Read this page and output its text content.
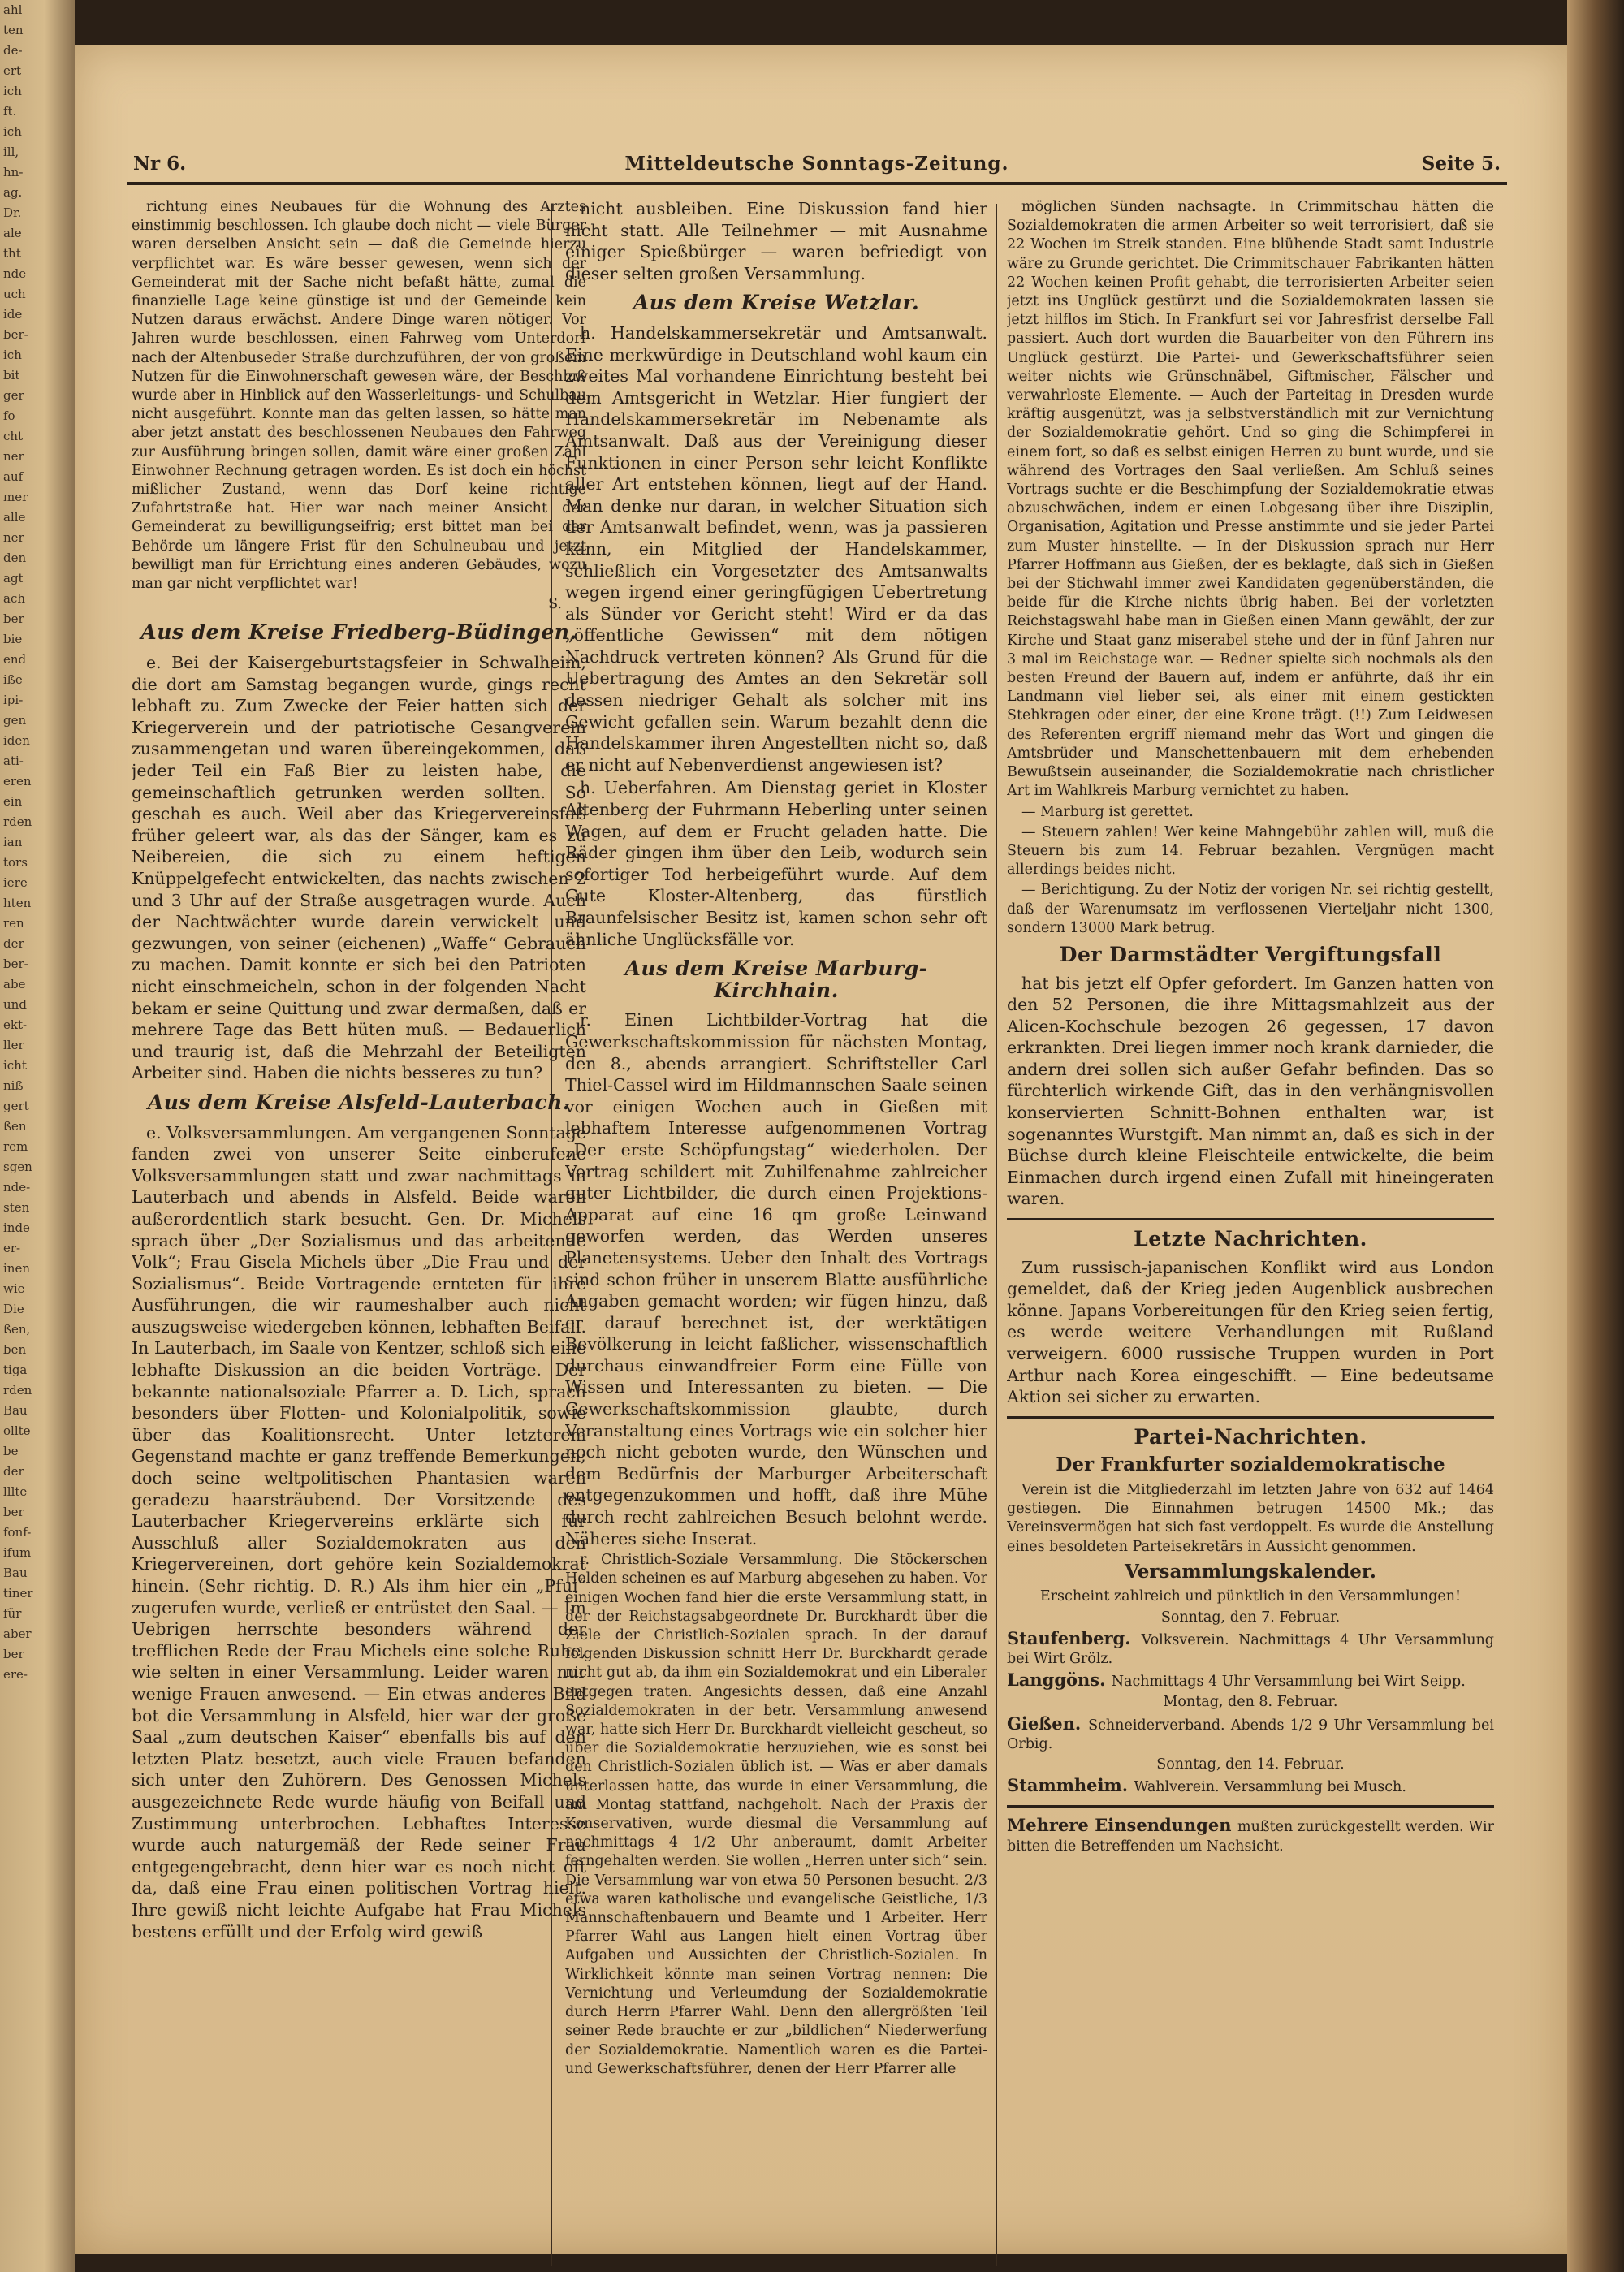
ahl
ten
de-
ert
ich
ft.
ich
ill,
hn-
ag.
Dr.
ale
tht
nde
uch
ide
ber-
ich
bit
ger
fo
cht
ner
auf
mer
alle
ner
den
agt
ach
ber
bie
end
iße
ipi-
gen
iden
ati-
eren
ein
rden
ian
tors
iere
hten
ren
der
ber-
abe
und
ekt-
ller
icht
niß
gert
ßen
rem
sgen
nde-
sten
inde
er-
inen
wie
Die
ßen,
ben
tiga
rden
Bau
ollte
be
der
lllte
ber
fonf-
ifum
Bau
tiner
für
aber
ber
ere-
Nr 6.	Mitteldeutsche Sonntags-Zeitung.	Seite 5.

richtung eines Neubaues für die Wohnung des Arztes einstimmig beschlossen. Ich glaube doch nicht — viele Bürger waren derselben Ansicht sein — daß die Gemeinde hierzu verpflichtet war. Es wäre besser gewesen, wenn sich der Gemeinderat mit der Sache nicht befaßt hätte, zumal die finanzielle Lage keine günstige ist und der Gemeinde kein Nutzen daraus erwächst. Andere Dinge waren nötiger. Vor Jahren wurde beschlossen, einen Fahrweg vom Unterdorf nach der Altenbuseder Straße durchzuführen, der von großem Nutzen für die Einwohnerschaft gewesen wäre, der Beschluß wurde aber in Hinblick auf den Wasserleitungs- und Schulbau nicht ausgeführt. Konnte man das gelten lassen, so hätte man aber jetzt anstatt des beschlossenen Neubaues den Fahrweg zur Ausführung bringen sollen, damit wäre einer großen Zahl Einwohner Rechnung getragen worden. Es ist doch ein höchst mißlicher Zustand, wenn das Dorf keine richtige Zufahrtstraße hat. Hier war nach meiner Ansicht der Gemeinderat zu bewilligungseifrig; erst bittet man bei der Behörde um längere Frist für den Schulneubau und jetzt bewilligt man für Errichtung eines anderen Gebäudes, wozu man gar nicht verpflichtet war!

S.

Aus dem Kreise Friedberg-Büdingen.

e. Bei der Kaisergeburtstagsfeier in Schwalheim, die dort am Samstag begangen wurde, gings recht lebhaft zu. Zum Zwecke der Feier hatten sich der Kriegerverein und der patriotische Gesangverein zusammengetan und waren übereingekommen, daß jeder Teil ein Faß Bier zu leisten habe, die gemeinschaftlich getrunken werden sollten. So geschah es auch. Weil aber das Kriegervereinsfaß früher geleert war, als das der Sänger, kam es zu Neibereien, die sich zu einem heftigen Knüppelgefecht entwickelten, das nachts zwischen 2 und 3 Uhr auf der Straße ausgetragen wurde. Auch der Nachtwächter wurde darein verwickelt und gezwungen, von seiner (eichenen) „Waffe“ Gebrauch zu machen. Damit konnte er sich bei den Patrioten nicht einschmeicheln, schon in der folgenden Nacht bekam er seine Quittung und zwar dermaßen, daß er mehrere Tage das Bett hüten muß. — Bedauerlich und traurig ist, daß die Mehrzahl der Beteiligten Arbeiter sind. Haben die nichts besseres zu tun?

Aus dem Kreise Alsfeld-Lauterbach.

e. Volksversammlungen. Am vergangenen Sonntage fanden zwei von unserer Seite einberufene Volksversammlungen statt und zwar nachmittags in Lauterbach und abends in Alsfeld. Beide waren außerordentlich stark besucht. Gen. Dr. Michels sprach über „Der Sozialismus und das arbeitende Volk“; Frau Gisela Michels über „Die Frau und der Sozialismus“. Beide Vortragende ernteten für ihre Ausführungen, die wir raumeshalber auch nicht auszugsweise wiedergeben können, lebhaften Beifall. In Lauterbach, im Saale von Kentzer, schloß sich eine lebhafte Diskussion an die beiden Vorträge. Der bekannte nationalsoziale Pfarrer a. D. Lich, sprach besonders über Flotten- und Kolonialpolitik, sowie über das Koalitionsrecht. Unter letzterem Gegenstand machte er ganz treffende Bemerkungen; doch seine weltpolitischen Phantasien waren geradezu haarsträubend. Der Vorsitzende des Lauterbacher Kriegervereins erklärte sich für Ausschluß aller Sozialdemokraten aus den Kriegervereinen, dort gehöre kein Sozialdemokrat hinein. (Sehr richtig. D. R.) Als ihm hier ein „Pfui“ zugerufen wurde, verließ er entrüstet den Saal. — Im Uebrigen herrschte besonders während der trefflichen Rede der Frau Michels eine solche Ruhe, wie selten in einer Versammlung. Leider waren nur wenige Frauen anwesend. — Ein etwas anderes Bild bot die Versammlung in Alsfeld, hier war der große Saal „zum deutschen Kaiser“ ebenfalls bis auf den letzten Platz besetzt, auch viele Frauen befanden sich unter den Zuhörern. Des Genossen Michels ausgezeichnete Rede wurde häufig von Beifall und Zustimmung unterbrochen. Lebhaftes Interesse wurde auch naturgemäß der Rede seiner Frau entgegengebracht, denn hier war es noch nicht oft da, daß eine Frau einen politischen Vortrag hielt. Ihre gewiß nicht leichte Aufgabe hat Frau Michels bestens erfüllt und der Erfolg wird gewiß

nicht ausbleiben. Eine Diskussion fand hier nicht statt. Alle Teilnehmer — mit Ausnahme einiger Spießbürger — waren befriedigt von dieser selten großen Versammlung.

Aus dem Kreise Wetzlar.

h. Handelskammersekretär und Amtsanwalt. Eine merkwürdige in Deutschland wohl kaum ein zweites Mal vorhandene Einrichtung besteht bei dem Amtsgericht in Wetzlar. Hier fungiert der Handelskammersekretär im Nebenamte als Amtsanwalt. Daß aus der Vereinigung dieser Funktionen in einer Person sehr leicht Konflikte aller Art entstehen können, liegt auf der Hand. Man denke nur daran, in welcher Situation sich der Amtsanwalt befindet, wenn, was ja passieren kann, ein Mitglied der Handelskammer, schließlich ein Vorgesetzter des Amtsanwalts wegen irgend einer geringfügigen Uebertretung als Sünder vor Gericht steht! Wird er da das „öffentliche Gewissen“ mit dem nötigen Nachdruck vertreten können? Als Grund für die Uebertragung des Amtes an den Sekretär soll dessen niedriger Gehalt als solcher mit ins Gewicht gefallen sein. Warum bezahlt denn die Handelskammer ihren Angestellten nicht so, daß er nicht auf Nebenverdienst angewiesen ist?

h. Ueberfahren. Am Dienstag geriet in Kloster Altenberg der Fuhrmann Heberling unter seinen Wagen, auf dem er Frucht geladen hatte. Die Räder gingen ihm über den Leib, wodurch sein sofortiger Tod herbeigeführt wurde. Auf dem Gute Kloster-Altenberg, das fürstlich Braunfelsischer Besitz ist, kamen schon sehr oft ähnliche Unglücksfälle vor.

Aus dem Kreise Marburg-Kirchhain.

r. Einen Lichtbilder-Vortrag hat die Gewerkschaftskommission für nächsten Montag, den 8., abends arrangiert. Schriftsteller Carl Thiel-Cassel wird im Hildmannschen Saale seinen vor einigen Wochen auch in Gießen mit lebhaftem Interesse aufgenommenen Vortrag „Der erste Schöpfungstag“ wiederholen. Der Vortrag schildert mit Zuhilfenahme zahlreicher guter Lichtbilder, die durch einen Projektions-Apparat auf eine 16 qm große Leinwand geworfen werden, das Werden unseres Planetensystems. Ueber den Inhalt des Vortrags sind schon früher in unserem Blatte ausführliche Angaben gemacht worden; wir fügen hinzu, daß er darauf berechnet ist, der werktätigen Bevölkerung in leicht faßlicher, wissenschaftlich durchaus einwandfreier Form eine Fülle von Wissen und Interessanten zu bieten. — Die Gewerkschaftskommission glaubte, durch Veranstaltung eines Vortrags wie ein solcher hier noch nicht geboten wurde, den Wünschen und dem Bedürfnis der Marburger Arbeiterschaft entgegenzukommen und hofft, daß ihre Mühe durch recht zahlreichen Besuch belohnt werde. Näheres siehe Inserat.

r. Christlich-Soziale Versammlung. Die Stöckerschen Helden scheinen es auf Marburg abgesehen zu haben. Vor einigen Wochen fand hier die erste Versammlung statt, in der der Reichstagsabgeordnete Dr. Burckhardt über die Ziele der Christlich-Sozialen sprach. In der darauf folgenden Diskussion schnitt Herr Dr. Burckhardt gerade nicht gut ab, da ihm ein Sozialdemokrat und ein Liberaler entgegen traten. Angesichts dessen, daß eine Anzahl Sozialdemokraten in der betr. Versammlung anwesend war, hatte sich Herr Dr. Burckhardt vielleicht gescheut, so über die Sozialdemokratie herzuziehen, wie es sonst bei den Christlich-Sozialen üblich ist. — Was er aber damals unterlassen hatte, das wurde in einer Versammlung, die am Montag stattfand, nachgeholt. Nach der Praxis der Konservativen, wurde diesmal die Versammlung auf nachmittags 4 1/2 Uhr anberaumt, damit Arbeiter ferngehalten werden. Sie wollen „Herren unter sich“ sein. Die Versammlung war von etwa 50 Personen besucht. 2/3 etwa waren katholische und evangelische Geistliche, 1/3 Mannschaftenbauern und Beamte und 1 Arbeiter. Herr Pfarrer Wahl aus Langen hielt einen Vortrag über Aufgaben und Aussichten der Christlich-Sozialen. In Wirklichkeit könnte man seinen Vortrag nennen: Die Vernichtung und Verleumdung der Sozialdemokratie durch Herrn Pfarrer Wahl. Denn den allergrößten Teil seiner Rede brauchte er zur „bildlichen“ Niederwerfung der Sozialdemokratie. Namentlich waren es die Partei- und Gewerkschaftsführer, denen der Herr Pfarrer alle

möglichen Sünden nachsagte. In Crimmitschau hätten die Sozialdemokraten die armen Arbeiter so weit terrorisiert, daß sie 22 Wochen im Streik standen. Eine blühende Stadt samt Industrie wäre zu Grunde gerichtet. Die Crimmitschauer Fabrikanten hätten 22 Wochen keinen Profit gehabt, die terrorisierten Arbeiter seien jetzt ins Unglück gestürzt und die Sozialdemokraten lassen sie jetzt hilflos im Stich. In Frankfurt sei vor Jahresfrist derselbe Fall passiert. Auch dort wurden die Bauarbeiter von den Führern ins Unglück gestürzt. Die Partei- und Gewerkschaftsführer seien weiter nichts wie Grünschnäbel, Giftmischer, Fälscher und verwahrloste Elemente. — Auch der Parteitag in Dresden wurde kräftig ausgenützt, was ja selbstverständlich mit zur Vernichtung der Sozialdemokratie gehört. Und so ging die Schimpferei in einem fort, so daß es selbst einigen Herren zu bunt wurde, und sie während des Vortrages den Saal verließen. Am Schluß seines Vortrags suchte er die Beschimpfung der Sozialdemokratie etwas abzuschwächen, indem er einen Lobgesang über ihre Disziplin, Organisation, Agitation und Presse anstimmte und sie jeder Partei zum Muster hinstellte. — In der Diskussion sprach nur Herr Pfarrer Hoffmann aus Gießen, der es beklagte, daß sich in Gießen bei der Stichwahl immer zwei Kandidaten gegenüberständen, die beide für die Kirche nichts übrig haben. Bei der vorletzten Reichstagswahl habe man in Gießen einen Mann gewählt, der zur Kirche und Staat ganz miserabel stehe und der in fünf Jahren nur 3 mal im Reichstage war. — Redner spielte sich nochmals als den besten Freund der Bauern auf, indem er anführte, daß ihr ein Landmann viel lieber sei, als einer mit einem gestickten Stehkragen oder einer, der eine Krone trägt. (!!) Zum Leidwesen des Referenten ergriff niemand mehr das Wort und gingen die Amtsbrüder und Manschettenbauern mit dem erhebenden Bewußtsein auseinander, die Sozialdemokratie nach christlicher Art im Wahlkreis Marburg vernichtet zu haben.

— Marburg ist gerettet.

— Steuern zahlen! Wer keine Mahngebühr zahlen will, muß die Steuern bis zum 14. Februar bezahlen. Vergnügen macht allerdings beides nicht.

— Berichtigung. Zu der Notiz der vorigen Nr. sei richtig gestellt, daß der Warenumsatz im verflossenen Vierteljahr nicht 1300, sondern 13000 Mark betrug.

Der Darmstädter Vergiftungsfall

hat bis jetzt elf Opfer gefordert. Im Ganzen hatten von den 52 Personen, die ihre Mittagsmahlzeit aus der Alicen-Kochschule bezogen 26 gegessen, 17 davon erkrankten. Drei liegen immer noch krank darnieder, die andern drei sollen sich außer Gefahr befinden. Das so fürchterlich wirkende Gift, das in den verhängnisvollen konservierten Schnitt-Bohnen enthalten war, ist sogenanntes Wurstgift. Man nimmt an, daß es sich in der Büchse durch kleine Fleischteile entwickelte, die beim Einmachen durch irgend einen Zufall mit hineingeraten waren.

Letzte Nachrichten.

Zum russisch-japanischen Konflikt wird aus London gemeldet, daß der Krieg jeden Augenblick ausbrechen könne. Japans Vorbereitungen für den Krieg seien fertig, es werde weitere Verhandlungen mit Rußland verweigern. 6000 russische Truppen wurden in Port Arthur nach Korea eingeschifft. — Eine bedeutsame Aktion sei sicher zu erwarten.

Partei-Nachrichten.
Der Frankfurter sozialdemokratische

Verein ist die Mitgliederzahl im letzten Jahre von 632 auf 1464 gestiegen. Die Einnahmen betrugen 14500 Mk.; das Vereinsvermögen hat sich fast verdoppelt. Es wurde die Anstellung eines besoldeten Parteisekretärs in Aussicht genommen.

Versammlungskalender.

Erscheint zahlreich und pünktlich in den Versammlungen!

Sonntag, den 7. Februar.

Staufenberg. Volksverein. Nachmittags 4 Uhr Versammlung bei Wirt Grölz.

Langgöns. Nachmittags 4 Uhr Versammlung bei Wirt Seipp.

Montag, den 8. Februar.

Gießen. Schneiderverband. Abends 1/2 9 Uhr Versammlung bei Orbig.

Sonntag, den 14. Februar.

Stammheim. Wahlverein. Versammlung bei Musch.

Mehrere Einsendungen mußten zurückgestellt werden. Wir bitten die Betreffenden um Nachsicht.
